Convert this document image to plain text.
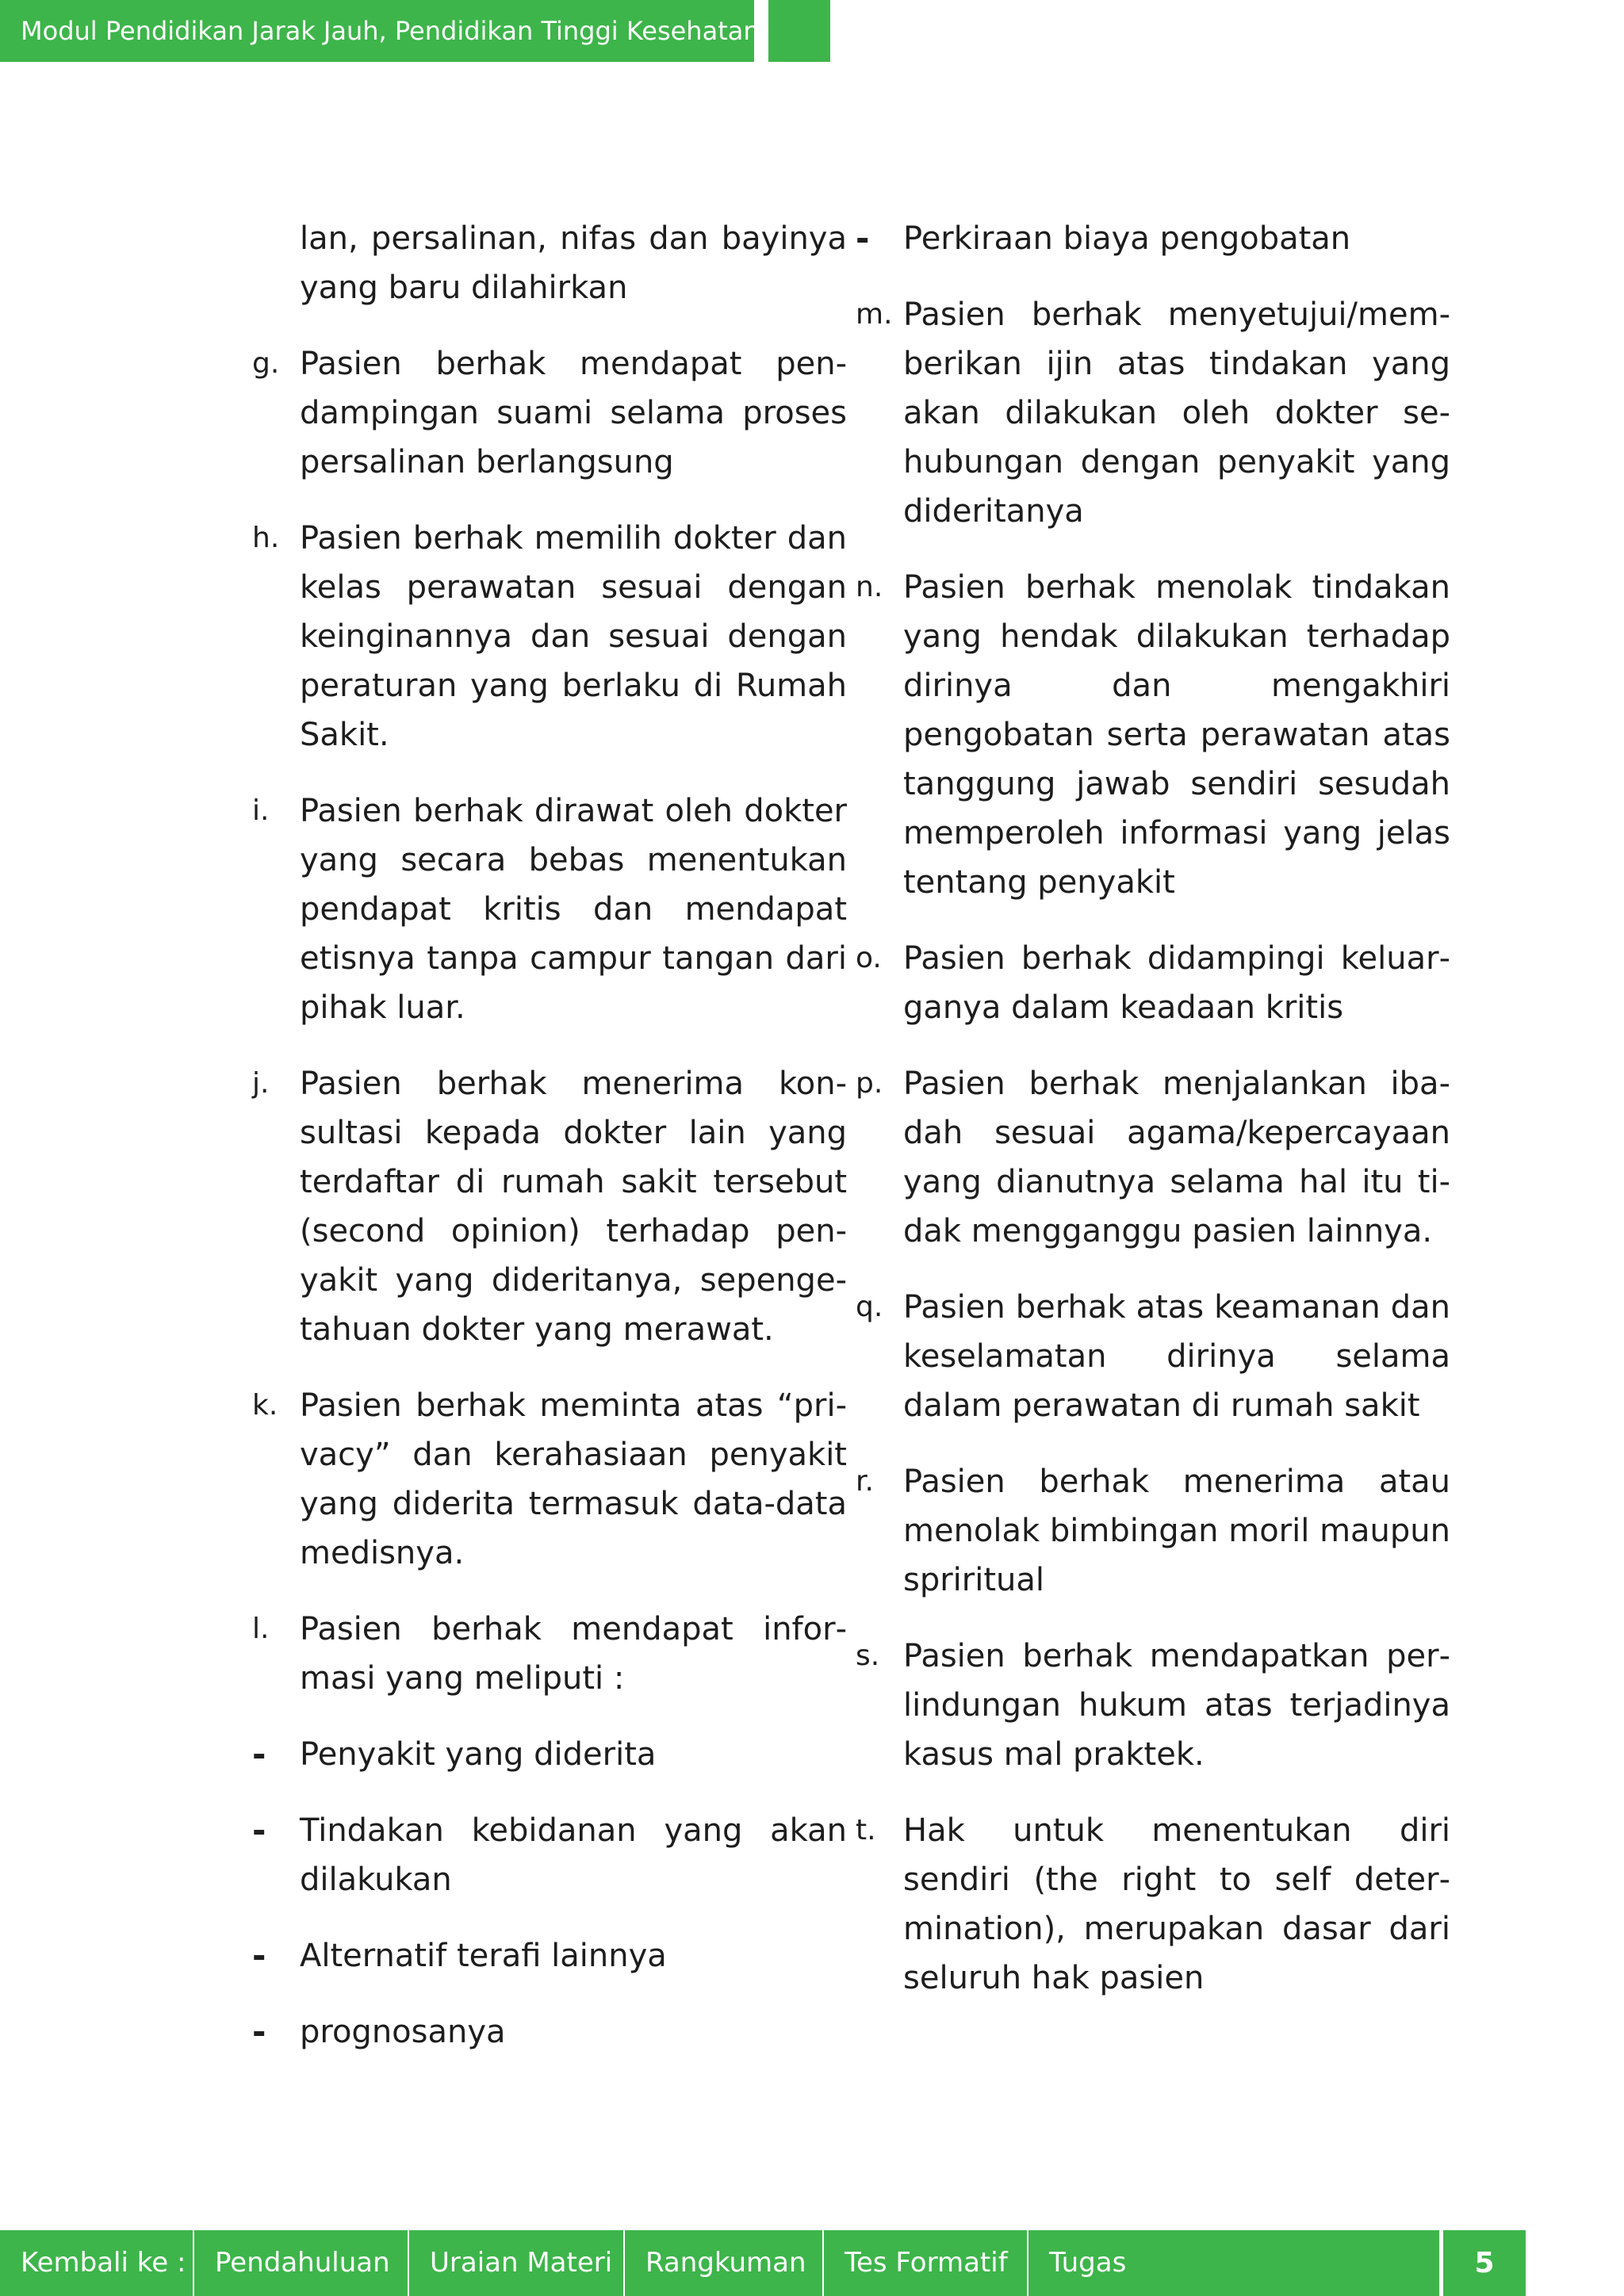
Modul Pendidikan Jarak Jauh, Pendidikan Tinggi Kesehatan
lan, persalinan, nifas dan bayinya yang baru dilahirkan
g. Pasien berhak mendapat pendampingan suami selama proses persalinan berlangsung
h. Pasien berhak memilih dokter dan kelas perawatan sesuai dengan keinginannya dan sesuai dengan peraturan yang berlaku di Rumah Sakit.
i. Pasien berhak dirawat oleh dokter yang secara bebas menentukan pendapat kritis dan mendapat etisnya tanpa campur tangan dari pihak luar.
j. Pasien berhak menerima konsultasi kepada dokter lain yang terdaftar di rumah sakit tersebut (second opinion) terhadap penyakit yang dideritanya, sepengetahuan dokter yang merawat.
k. Pasien berhak meminta atas “privacy” dan kerahasiaan penyakit yang diderita termasuk data-data medisnya.
l. Pasien berhak mendapat informasi yang meliputi :
-	Penyakit yang diderita
-	Tindakan kebidanan yang akan dilakukan
-	Alternatif terafi lainnya
-	prognosanya
-	Perkiraan biaya pengobatan
m. Pasien berhak menyetujui/memberikan ijin atas tindakan yang akan dilakukan oleh dokter sehubungan dengan penyakit yang dideritanya
n. Pasien berhak menolak tindakan yang hendak dilakukan terhadap dirinya dan mengakhiri pengobatan serta perawatan atas tanggung jawab sendiri sesudah memperoleh informasi yang jelas tentang penyakit
o. Pasien berhak didampingi keluarganya dalam keadaan kritis
p. Pasien berhak menjalankan ibadah sesuai agama/kepercayaan yang dianutnya selama hal itu tidak mengganggu pasien lainnya.
q. Pasien berhak atas keamanan dan keselamatan dirinya selama dalam perawatan di rumah sakit
r. Pasien berhak menerima atau menolak bimbingan moril maupun spriritual
s. Pasien berhak mendapatkan perlindungan hukum atas terjadinya kasus mal praktek.
t. Hak untuk menentukan diri sendiri (the right to self determination), merupakan dasar dari seluruh hak pasien
Kembali ke :	Pendahuluan	Uraian Materi	Rangkuman	Tes Formatif	Tugas	5
